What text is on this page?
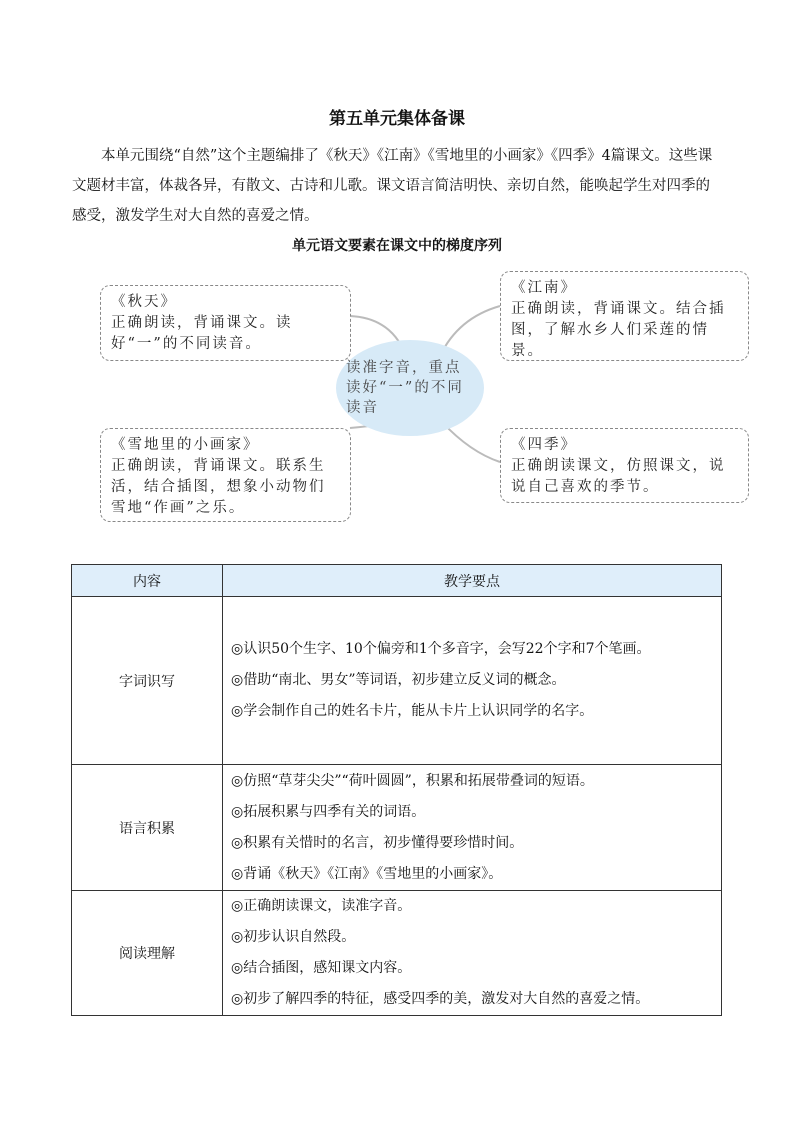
第五单元集体备课
本单元围绕“自然”这个主题编排了《秋天》《江南》《雪地里的小画家》《四季》4篇课文。这些课文题材丰富，体裁各异，有散文、古诗和儿歌。课文语言简洁明快、亲切自然，能唤起学生对四季的感受，激发学生对大自然的喜爱之情。
单元语文要素在课文中的梯度序列
《秋天》
正确朗读，背诵课文。读好“一”的不同读音。
《江南》
正确朗读，背诵课文。结合插图，了解水乡人们采莲的情景。
读准字音，重点读好“一”的不同读音
《雪地里的小画家》
正确朗读，背诵课文。联系生活，结合插图，想象小动物们雪地“作画”之乐。
《四季》
正确朗读课文，仿照课文，说说自己喜欢的季节。
内容	教学要点
字词识写	◎认识50个生字、10个偏旁和1个多音字，会写22个字和7个笔画。
◎借助“南北、男女”等词语，初步建立反义词的概念。
◎学会制作自己的姓名卡片，能从卡片上认识同学的名字。

语言积累	◎仿照“草芽尖尖”“荷叶圆圆”，积累和拓展带叠词的短语。
◎拓展积累与四季有关的词语。
◎积累有关惜时的名言，初步懂得要珍惜时间。
◎背诵《秋天》《江南》《雪地里的小画家》。

阅读理解	◎正确朗读课文，读准字音。
◎初步认识自然段。
◎结合插图，感知课文内容。
◎初步了解四季的特征，感受四季的美，激发对大自然的喜爱之情。
